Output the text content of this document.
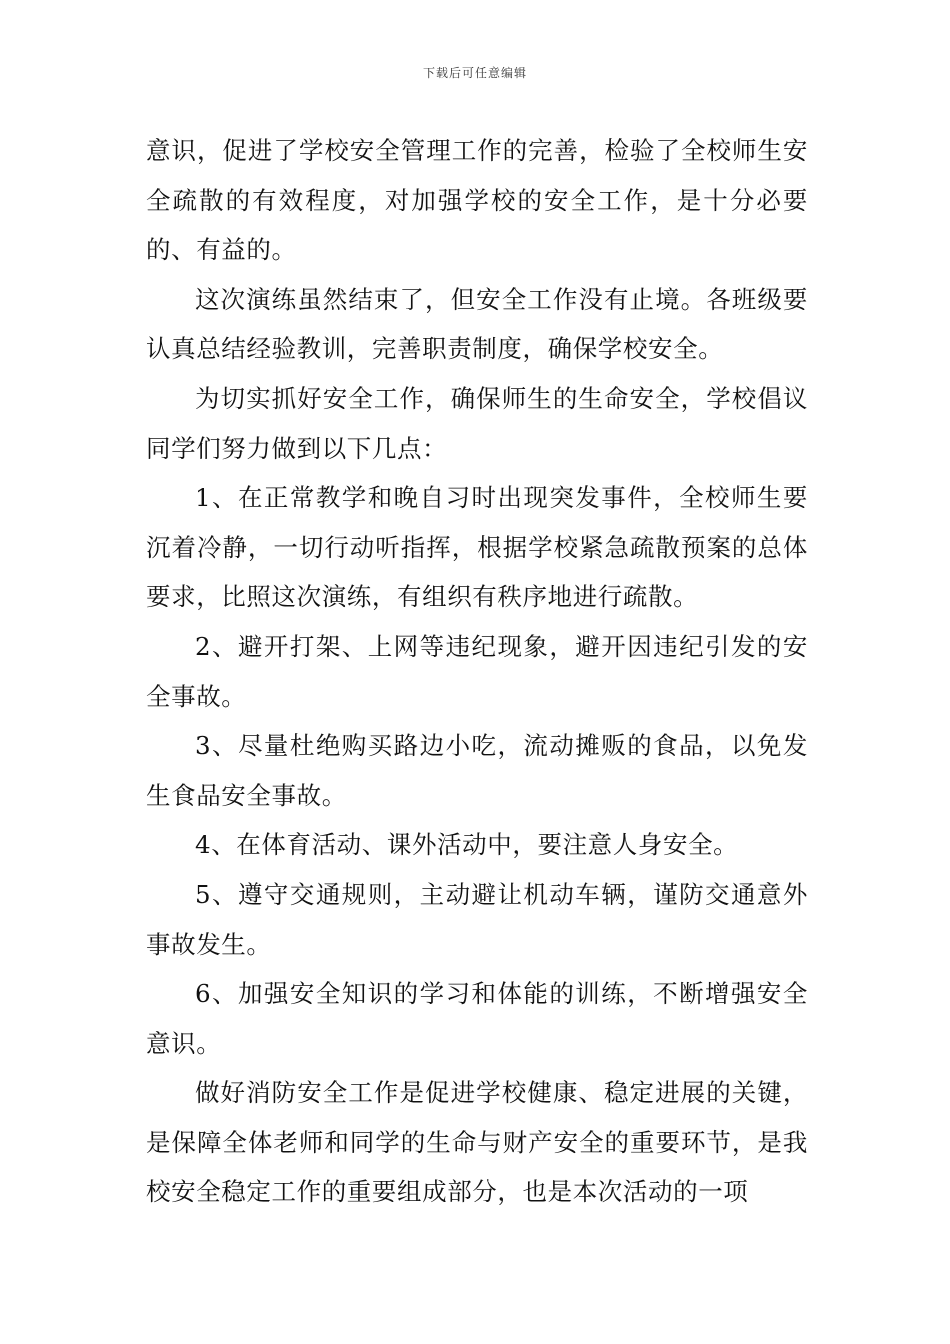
下载后可任意编辑

意识，促进了学校安全管理工作的完善，检验了全校师生安全疏散的有效程度，对加强学校的安全工作，是十分必要的、有益的。

这次演练虽然结束了，但安全工作没有止境。各班级要认真总结经验教训，完善职责制度，确保学校安全。

为切实抓好安全工作，确保师生的生命安全，学校倡议同学们努力做到以下几点：

1、在正常教学和晚自习时出现突发事件，全校师生要沉着冷静，一切行动听指挥，根据学校紧急疏散预案的总体要求，比照这次演练，有组织有秩序地进行疏散。

2、避开打架、上网等违纪现象，避开因违纪引发的安全事故。

3、尽量杜绝购买路边小吃，流动摊贩的食品，以免发生食品安全事故。

4、在体育活动、课外活动中，要注意人身安全。

5、遵守交通规则，主动避让机动车辆，谨防交通意外事故发生。

6、加强安全知识的学习和体能的训练，不断增强安全意识。

做好消防安全工作是促进学校健康、稳定进展的关键，是保障全体老师和同学的生命与财产安全的重要环节，是我校安全稳定工作的重要组成部分，也是本次活动的一项
